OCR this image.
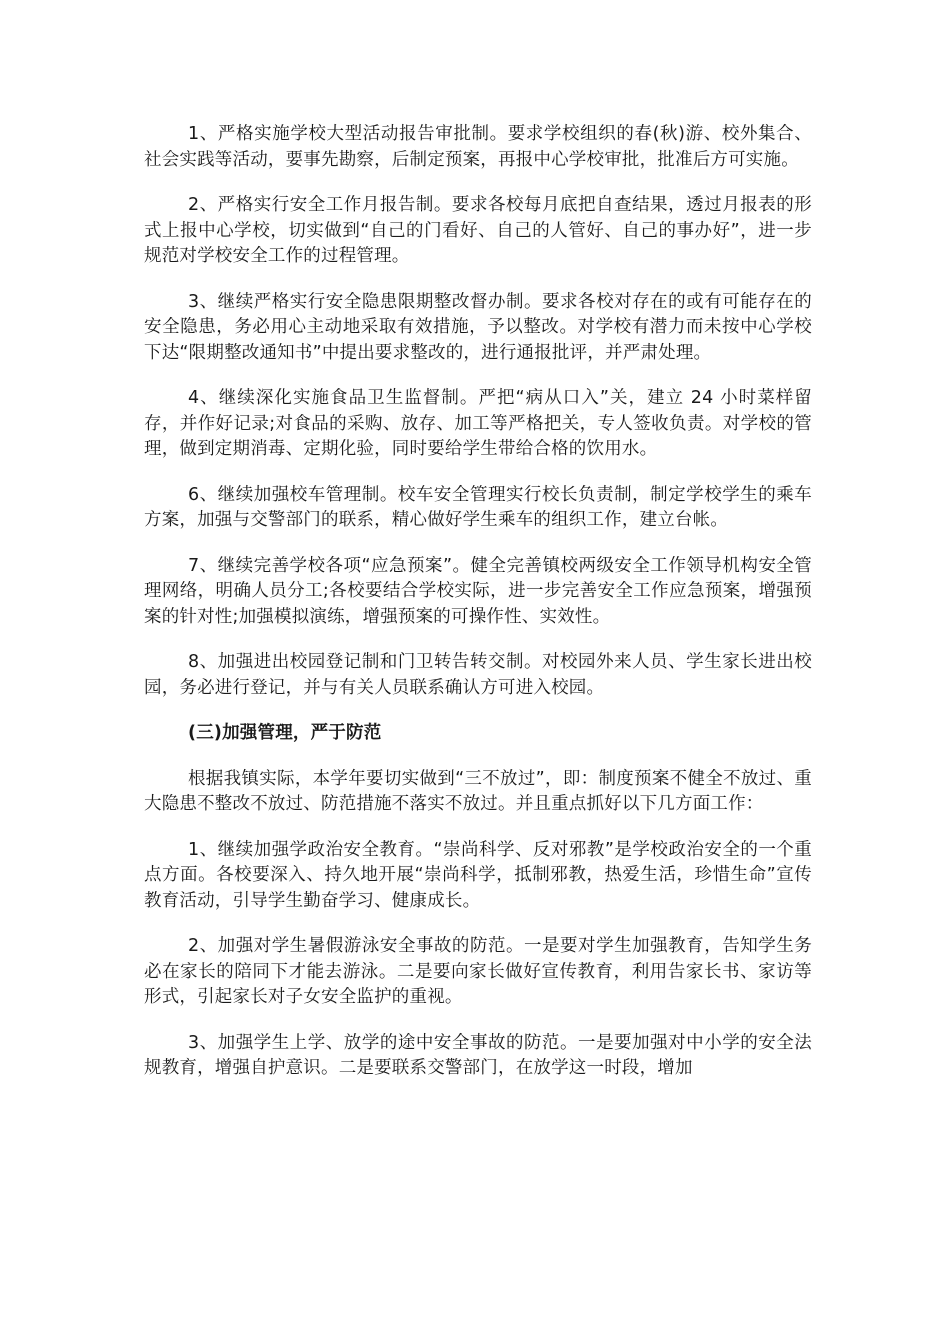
1、严格实施学校大型活动报告审批制。要求学校组织的春(秋)游、校外集合、社会实践等活动，要事先勘察，后制定预案，再报中心学校审批，批准后方可实施。

2、严格实行安全工作月报告制。要求各校每月底把自查结果，透过月报表的形式上报中心学校，切实做到“自己的门看好、自己的人管好、自己的事办好”，进一步规范对学校安全工作的过程管理。

3、继续严格实行安全隐患限期整改督办制。要求各校对存在的或有可能存在的安全隐患，务必用心主动地采取有效措施，予以整改。对学校有潜力而未按中心学校下达“限期整改通知书”中提出要求整改的，进行通报批评，并严肃处理。

4、继续深化实施食品卫生监督制。严把“病从口入”关，建立 24 小时菜样留存，并作好记录;对食品的采购、放存、加工等严格把关，专人签收负责。对学校的管理，做到定期消毒、定期化验，同时要给学生带给合格的饮用水。

6、继续加强校车管理制。校车安全管理实行校长负责制，制定学校学生的乘车方案，加强与交警部门的联系，精心做好学生乘车的组织工作，建立台帐。

7、继续完善学校各项“应急预案”。健全完善镇校两级安全工作领导机构安全管理网络，明确人员分工;各校要结合学校实际，进一步完善安全工作应急预案，增强预案的针对性;加强模拟演练，增强预案的可操作性、实效性。

8、加强进出校园登记制和门卫转告转交制。对校园外来人员、学生家长进出校园，务必进行登记，并与有关人员联系确认方可进入校园。

(三)加强管理，严于防范

根据我镇实际，本学年要切实做到“三不放过”，即：制度预案不健全不放过、重大隐患不整改不放过、防范措施不落实不放过。并且重点抓好以下几方面工作：

1、继续加强学政治安全教育。“崇尚科学、反对邪教”是学校政治安全的一个重点方面。各校要深入、持久地开展“崇尚科学，抵制邪教，热爱生活，珍惜生命”宣传教育活动，引导学生勤奋学习、健康成长。

2、加强对学生暑假游泳安全事故的防范。一是要对学生加强教育，告知学生务必在家长的陪同下才能去游泳。二是要向家长做好宣传教育，利用告家长书、家访等形式，引起家长对子女安全监护的重视。

3、加强学生上学、放学的途中安全事故的防范。一是要加强对中小学的安全法规教育，增强自护意识。二是要联系交警部门，在放学这一时段，增加
